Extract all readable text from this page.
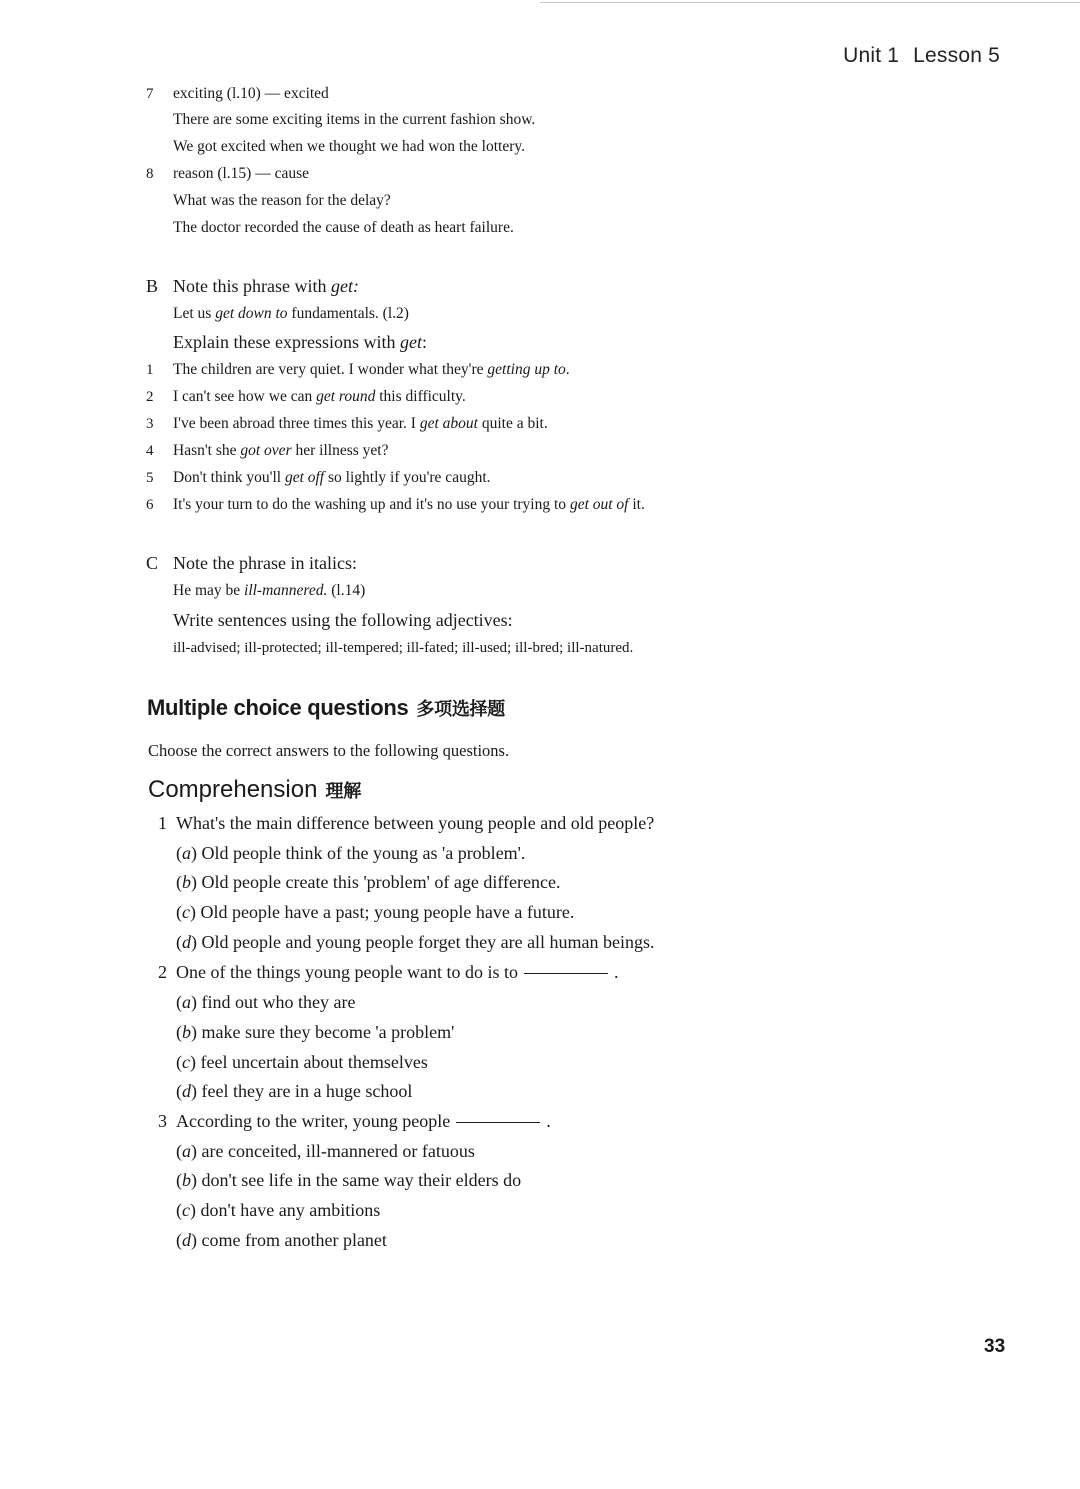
Unit 1 Lesson 5
7 exciting (l.10) — excited
There are some exciting items in the current fashion show.
We got excited when we thought we had won the lottery.
8 reason (l.15) — cause
What was the reason for the delay?
The doctor recorded the cause of death as heart failure.
B Note this phrase with get:
Let us get down to fundamentals. (l.2)
Explain these expressions with get:
1 The children are very quiet. I wonder what they're getting up to.
2 I can't see how we can get round this difficulty.
3 I've been abroad three times this year. I get about quite a bit.
4 Hasn't she got over her illness yet?
5 Don't think you'll get off so lightly if you're caught.
6 It's your turn to do the washing up and it's no use your trying to get out of it.
C Note the phrase in italics:
He may be ill-mannered. (l.14)
Write sentences using the following adjectives:
ill-advised; ill-protected; ill-tempered; ill-fated; ill-used; ill-bred; ill-natured.
Multiple choice questions 多项选择题
Choose the correct answers to the following questions.
Comprehension 理解
1 What's the main difference between young people and old people?
(a) Old people think of the young as 'a problem'.
(b) Old people create this 'problem' of age difference.
(c) Old people have a past; young people have a future.
(d) Old people and young people forget they are all human beings.
2 One of the things young people want to do is to	.
(a) find out who they are
(b) make sure they become 'a problem'
(c) feel uncertain about themselves
(d) feel they are in a huge school
3 According to the writer, young people	.
(a) are conceited, ill-mannered or fatuous
(b) don't see life in the same way their elders do
(c) don't have any ambitions
(d) come from another planet
33
